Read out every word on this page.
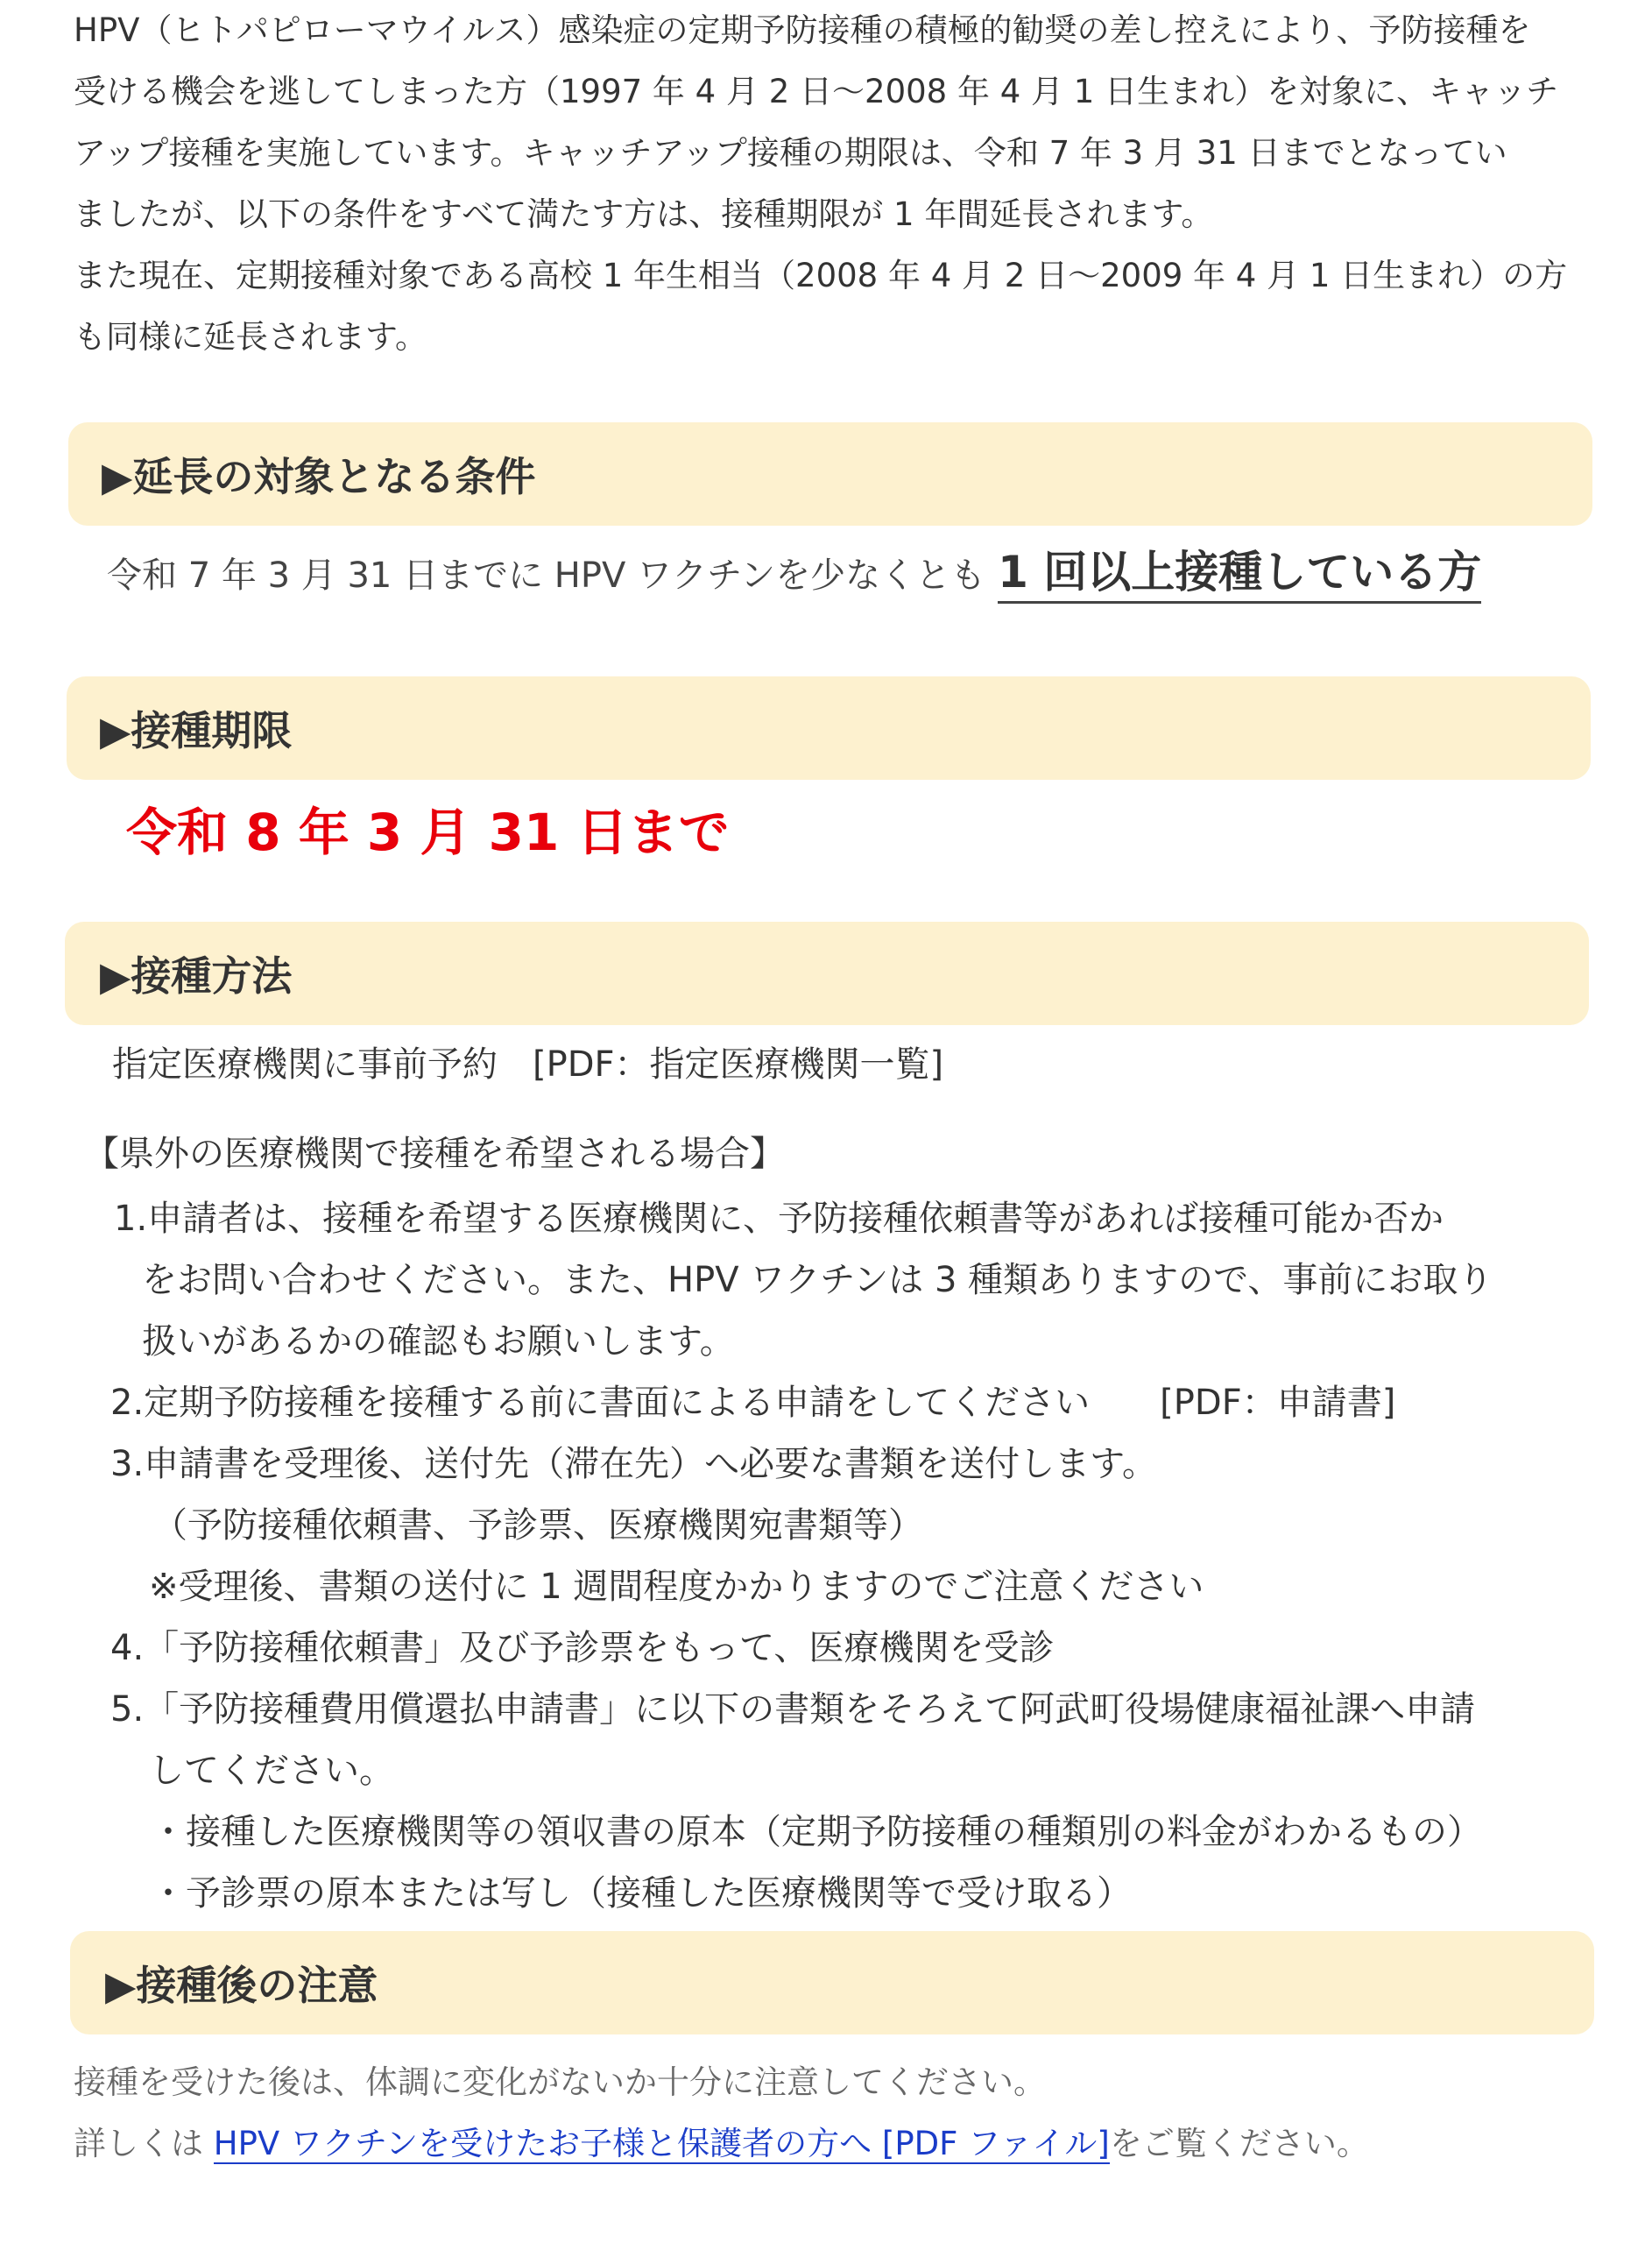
HPV（ヒトパピローマウイルス）感染症の定期予防接種の積極的勧奨の差し控えにより、予防接種を

受ける機会を逃してしまった方（1997 年 4 月 2 日〜2008 年 4 月 1 日生まれ）を対象に、キャッチ

アップ接種を実施しています。キャッチアップ接種の期限は、令和 7 年 3 月 31 日までとなってい

ましたが、以下の条件をすべて満たす方は、接種期限が 1 年間延長されます。

また現在、定期接種対象である高校 1 年生相当（2008 年 4 月 2 日〜2009 年 4 月 1 日生まれ）の方

も同様に延長されます。

▶延長の対象となる条件
令和 7 年 3 月 31 日までに HPV ワクチンを少なくとも 1 回以上接種している方
▶接種期限
令和 8 年 3 月 31 日まで
▶接種方法
指定医療機関に事前予約　[PDF：指定医療機関一覧]
【県外の医療機関で接種を希望される場合】
1.申請者は、接種を希望する医療機関に、予防接種依頼書等があれば接種可能か否か
をお問い合わせください。また、HPV ワクチンは 3 種類ありますので、事前にお取り
扱いがあるかの確認もお願いします。
2.定期予防接種を接種する前に書面による申請をしてください　　[PDF：申請書]
3.申請書を受理後、送付先（滞在先）へ必要な書類を送付します。
（予防接種依頼書、予診票、医療機関宛書類等）
※受理後、書類の送付に 1 週間程度かかりますのでご注意ください
4.「予防接種依頼書」及び予診票をもって、医療機関を受診
5.「予防接種費用償還払申請書」に以下の書類をそろえて阿武町役場健康福祉課へ申請
してください。
・接種した医療機関等の領収書の原本（定期予防接種の種類別の料金がわかるもの）
・予診票の原本または写し（接種した医療機関等で受け取る）
▶接種後の注意
接種を受けた後は、体調に変化がないか十分に注意してください。
詳しくは HPV ワクチンを受けたお子様と保護者の方へ [PDF ファイル]をご覧ください。
